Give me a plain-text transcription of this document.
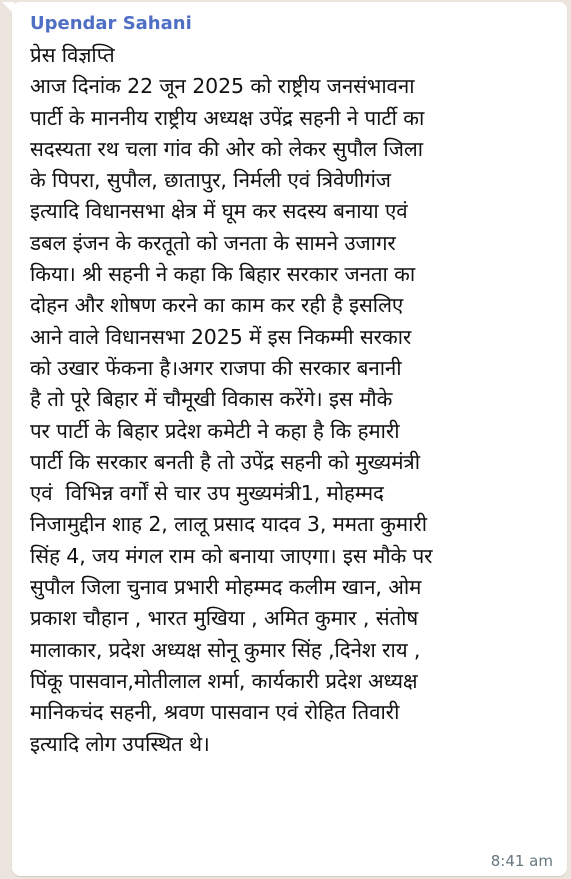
Upendar Sahani

प्रेस विज्ञप्ति
आज दिनांक 22 जून 2025 को राष्ट्रीय जनसंभावना
पार्टी के माननीय राष्ट्रीय अध्यक्ष उपेंद्र सहनी ने पार्टी का
सदस्यता रथ चला गांव की ओर को लेकर सुपौल जिला
के पिपरा, सुपौल, छातापुर, निर्मली एवं त्रिवेणीगंज
इत्यादि विधानसभा क्षेत्र में घूम कर सदस्य बनाया एवं
डबल इंजन के करतूतो को जनता के सामने उजागर
किया। श्री सहनी ने कहा कि बिहार सरकार जनता का
दोहन और शोषण करने का काम कर रही है इसलिए
आने वाले विधानसभा 2025 में इस निकम्मी सरकार
को उखार फेंकना है।अगर राजपा की सरकार बनानी
है तो पूरे बिहार में चौमूखी विकास करेंगे। इस मौके
पर पार्टी के बिहार प्रदेश कमेटी ने कहा है कि हमारी
पार्टी कि सरकार बनती है तो उपेंद्र सहनी को मुख्यमंत्री
एवं  विभिन्न वर्गों से चार उप मुख्यमंत्री1, मोहम्मद
निजामुद्दीन शाह 2, लालू प्रसाद यादव 3, ममता कुमारी
सिंह 4, जय मंगल राम को बनाया जाएगा। इस मौके पर
सुपौल जिला चुनाव प्रभारी मोहम्मद कलीम खान, ओम
प्रकाश चौहान , भारत मुखिया , अमित कुमार , संतोष
मालाकार, प्रदेश अध्यक्ष सोनू कुमार सिंह ,दिनेश राय ,
पिंकू पासवान,मोतीलाल शर्मा, कार्यकारी प्रदेश अध्यक्ष
मानिकचंद सहनी, श्रवण पासवान एवं रोहित तिवारी
इत्यादि लोग उपस्थित थे।

8:41 am
